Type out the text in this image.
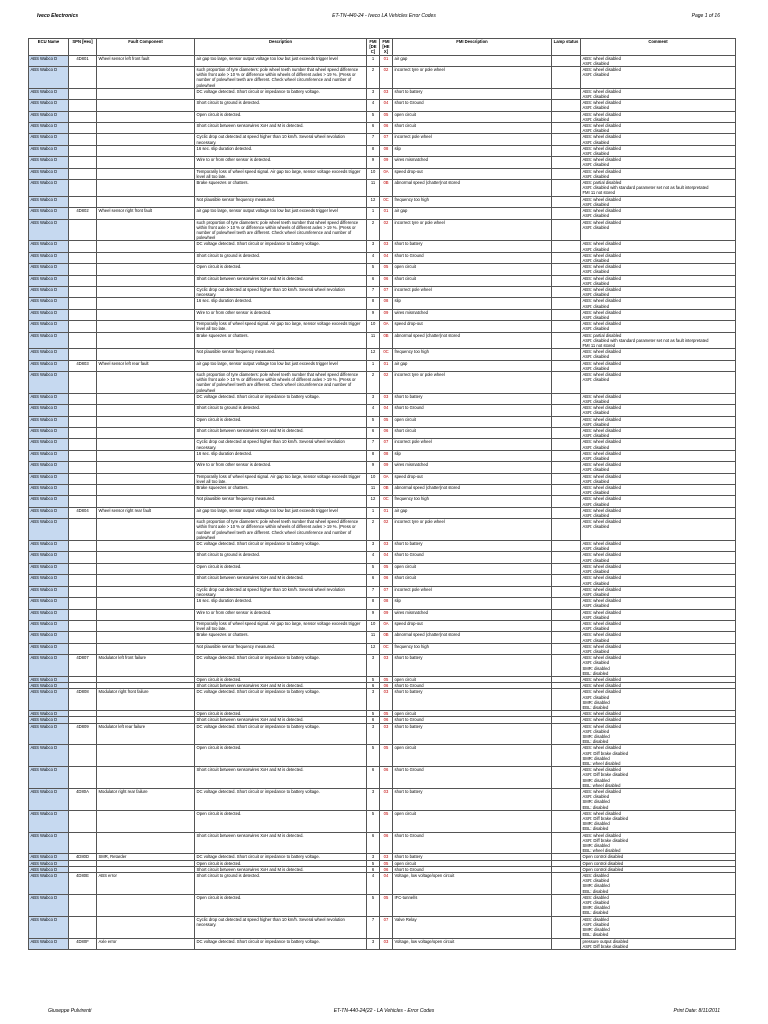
Iveco Electronics	ET-TN-440-24 - Iveco LA Vehicles Error Codes	Page 1 of 16
ECU Name	SPN [Hex]	Fault Component	Description	FMI [DEC]	FMI [HEX]	FMI Description	Lamp status	Comment
ABS Wabco D	4D801	Wheel sensor left front fault	air gap too large, sensor output voltage too low but just exceeds trigger level	1	01	air gap		ABS: wheel disabled
ASR: disabled
ABS Wabco D			such proportion of tyre diameters: pole wheel teeth number that wheel speed difference within front axle > 10 % or difference within wheels of different axles > 19 %. (Press or number of polewheel teeth are different. Check wheel circumference and number of polewheel	2	02	incorrect tyre or pole wheel		ABS: wheel disabled
ASR: disabled
ABS Wabco D			DC voltage detected. Short circuit or impedance to battery voltage.	3	03	short to battery		ABS: wheel disabled
ASR: disabled
ABS Wabco D			Short circuit to ground is detected.	4	04	short to Ground		ABS: wheel disabled
ASR: disabled
ABS Wabco D			Open circuit is detected.	5	05	open circuit		ABS: wheel disabled
ASR: disabled
ABS Wabco D			Short circuit between sensorwires XxH and M is detected.	6	06	short circuit		ABS: wheel disabled
ASR: disabled
ABS Wabco D			Cyclic drop out detected at speed higher than 10 km/h. Several wheel revolution necessary.	7	07	incorrect pole wheel		ABS: wheel disabled
ASR: disabled
ABS Wabco D			16 sec. slip duration detected.	8	08	slip		ABS: wheel disabled
ASR: disabled
ABS Wabco D			Wire to or from other sensor is detected.	9	09	wires mismatched		ABS: wheel disabled
ASR: disabled
ABS Wabco D			Temporarily loss of wheel speed signal. Air gap too large, sensor voltage exceeds trigger level all too late.	10	0A	speed drop-out		ABS: wheel disabled
ASR: disabled
ABS Wabco D			Brake squeezes or chatters.	11	0B	abnormal speed (chatter)not stored		ABS: partial disabled
ASR: disabled with standard parameter set not as fault interpretated
FMI 11 not stored
ABS Wabco D			Not plausible sensor frequency measured.	12	0C	frequency too high		ABS: wheel disabled
ASR: disabled
ABS Wabco D	4D802	Wheel sensor right front fault	air gap too large, sensor output voltage too low but just exceeds trigger level	1	01	air gap		ABS: wheel disabled
ASR: disabled
ABS Wabco D			such proportion of tyre diameters: pole wheel teeth number that wheel speed difference within front axle > 10 % or difference within wheels of different axles > 19 %. (Press or number of polewheel teeth are different. Check wheel circumference and number of polewheel	2	02	incorrect tyre or pole wheel		ABS: wheel disabled
ASR: disabled
ABS Wabco D			DC voltage detected. Short circuit or impedance to battery voltage.	3	03	short to battery		ABS: wheel disabled
ASR: disabled
ABS Wabco D			Short circuit to ground is detected.	4	04	short to Ground		ABS: wheel disabled
ASR: disabled
ABS Wabco D			Open circuit is detected.	5	05	open circuit		ABS: wheel disabled
ASR: disabled
ABS Wabco D			Short circuit between sensorwires XxH and M is detected.	6	06	short circuit		ABS: wheel disabled
ASR: disabled
ABS Wabco D			Cyclic drop out detected at speed higher than 10 km/h. Several wheel revolution necessary.	7	07	incorrect pole wheel		ABS: wheel disabled
ASR: disabled
ABS Wabco D			16 sec. slip duration detected.	8	08	slip		ABS: wheel disabled
ASR: disabled
ABS Wabco D			Wire to or from other sensor is detected.	9	09	wires mismatched		ABS: wheel disabled
ASR: disabled
ABS Wabco D			Temporarily loss of wheel speed signal. Air gap too large, sensor voltage exceeds trigger level all too late.	10	0A	speed drop-out		ABS: wheel disabled
ASR: disabled
ABS Wabco D			Brake squeezes or chatters.	11	0B	abnormal speed (chatter)not stored		ABS: partial disabled
ASR: disabled with standard parameter set not as fault interpretated
FMI 11 not stored
ABS Wabco D			Not plausible sensor frequency measured.	12	0C	frequency too high		ABS: wheel disabled
ASR: disabled
ABS Wabco D	4D803	Wheel sensor left rear fault	air gap too large, sensor output voltage too low but just exceeds trigger level	1	01	air gap		ABS: wheel disabled
ASR: disabled
ABS Wabco D			such proportion of tyre diameters: pole wheel teeth number that wheel speed difference within front axle > 10 % or difference within wheels of different axles > 19 %. (Press or number of polewheel teeth are different. Check wheel circumference and number of polewheel	2	02	incorrect tyre or pole wheel		ABS: wheel disabled
ASR: disabled
ABS Wabco D			DC voltage detected. Short circuit or impedance to battery voltage.	3	03	short to battery		ABS: wheel disabled
ASR: disabled
ABS Wabco D			Short circuit to ground is detected.	4	04	short to Ground		ABS: wheel disabled
ASR: disabled
ABS Wabco D			Open circuit is detected.	5	05	open circuit		ABS: wheel disabled
ASR: disabled
ABS Wabco D			Short circuit between sensorwires XxH and M is detected.	6	06	short circuit		ABS: wheel disabled
ASR: disabled
ABS Wabco D			Cyclic drop out detected at speed higher than 10 km/h. Several wheel revolution necessary.	7	07	incorrect pole wheel		ABS: wheel disabled
ASR: disabled
ABS Wabco D			16 sec. slip duration detected.	8	08	slip		ABS: wheel disabled
ASR: disabled
ABS Wabco D			Wire to or from other sensor is detected.	9	09	wires mismatched		ABS: wheel disabled
ASR: disabled
ABS Wabco D			Temporarily loss of wheel speed signal. Air gap too large, sensor voltage exceeds trigger level all too late.	10	0A	speed drop-out		ABS: wheel disabled
ASR: disabled
ABS Wabco D			Brake squeezes or chatters.	11	0B	abnormal speed (chatter)not stored		ABS: wheel disabled
ASR: disabled
ABS Wabco D			Not plausible sensor frequency measured.	12	0C	frequency too high		ABS: wheel disabled
ASR: disabled
ABS Wabco D	4D804	Wheel sensor right rear fault	air gap too large, sensor output voltage too low but just exceeds trigger level	1	01	air gap		ABS: wheel disabled
ASR: disabled
ABS Wabco D			such proportion of tyre diameters: pole wheel teeth number that wheel speed difference within front axle > 10 % or difference within wheels of different axles > 19 %. (Press or number of polewheel teeth are different. Check wheel circumference and number of polewheel	2	02	incorrect tyre or pole wheel		ABS: wheel disabled
ASR: disabled
ABS Wabco D			DC voltage detected. Short circuit or impedance to battery voltage.	3	03	short to battery		ABS: wheel disabled
ASR: disabled
ABS Wabco D			Short circuit to ground is detected.	4	04	short to Ground		ABS: wheel disabled
ASR: disabled
ABS Wabco D			Open circuit is detected.	5	05	open circuit		ABS: wheel disabled
ASR: disabled
ABS Wabco D			Short circuit between sensorwires XxH and M is detected.	6	06	short circuit		ABS: wheel disabled
ASR: disabled
ABS Wabco D			Cyclic drop out detected at speed higher than 10 km/h. Several wheel revolution necessary.	7	07	incorrect pole wheel		ABS: wheel disabled
ASR: disabled
ABS Wabco D			16 sec. slip duration detected.	8	08	slip		ABS: wheel disabled
ASR: disabled
ABS Wabco D			Wire to or from other sensor is detected.	9	09	wires mismatched		ABS: wheel disabled
ASR: disabled
ABS Wabco D			Temporarily loss of wheel speed signal. Air gap too large, sensor voltage exceeds trigger level all too late.	10	0A	speed drop-out		ABS: wheel disabled
ASR: disabled
ABS Wabco D			Brake squeezes or chatters.	11	0B	abnormal speed (chatter)not stored		ABS: wheel disabled
ASR: disabled
ABS Wabco D			Not plausible sensor frequency measured.	12	0C	frequency too high		ABS: wheel disabled
ASR: disabled
ABS Wabco D	4D807	Modulator left front failure	DC voltage detected. Short circuit or impedance to battery voltage.	3	03	short to battery		ABS: wheel disabled
ASR: disabled
SMR: disabled
EBL: disabled
ABS Wabco D			Open circuit is detected.	5	05	open circuit		ABS: wheel disabled
ABS Wabco D			Short circuit between sensorwires XxH and M is detected.	6	06	short to Ground		ABS: wheel disabled
ABS Wabco D	4D808	Modulator right front failure	DC voltage detected. Short circuit or impedance to battery voltage.	3	03	short to battery		ABS: wheel disabled
ASR: disabled
SMR: disabled
EBL: disabled
ABS Wabco D			Open circuit is detected.	5	05	open circuit		ABS: wheel disabled
ABS Wabco D			Short circuit between sensorwires XxH and M is detected.	6	06	short to Ground		ABS: wheel disabled
ABS Wabco D	4D809	Modulator left rear failure	DC voltage detected. Short circuit or impedance to battery voltage.	3	03	short to battery		ABS: wheel disabled
ASR: disabled
SMR: disabled
EBL: disabled
ABS Wabco D			Open circuit is detected.	5	05	open circuit		ABS: wheel disabled
ASR: Diff brake disabled
SMR: disabled
EBL: wheel disabled
ABS Wabco D			Short circuit between sensorwires XxH and M is detected.	6	06	short to Ground		ABS: wheel disabled
ASR: Diff brake disabled
SMR: disabled
EBL: wheel disabled
ABS Wabco D	4D80A	Modulator right rear failure	DC voltage detected. Short circuit or impedance to battery voltage.	3	03	short to battery		ABS: wheel disabled
ASR: disabled
SMR: disabled
EBL: disabled
ABS Wabco D			Open circuit is detected.	5	05	open circuit		ABS: wheel disabled
ASR: Diff brake disabled
SMR: disabled
EBL: disabled
ABS Wabco D			Short circuit between sensorwires XxH and M is detected.	6	06	short to Ground		ABS: wheel disabled
ASR: Diff brake disabled
SMR: disabled
EBL: wheel disabled
ABS Wabco D	4D80D	SMR, Retarder	DC voltage detected. Short circuit or impedance to battery voltage.	3	03	short to battery		Open control disabled
ABS Wabco D			Open circuit is detected.	5	05	open circuit		Open control disabled
ABS Wabco D			Short circuit between sensorwires XxH and M is detected.	6	06	short to Ground		Open control disabled
ABS Wabco D	4D80E	ABS error	Short circuit to ground is detected.	4	04	Voltage, low voltage/open circuit		ABS: disabled
ASR: disabled
SMR: disabled
EBL: disabled
ABS Wabco D			Open circuit is detected.	5	05	IFC-tunnel/s		ABS: disabled
ASR: disabled
SMR: disabled
EBL: disabled
ABS Wabco D			Cyclic drop out detected at speed higher than 10 km/h. Several wheel revolution necessary.	7	07	Valve Relay		ABS: disabled
ASR: disabled
SMR: disabled
EBL: disabled
ABS Wabco D	4D80F	Axle error	DC voltage detected. Short circuit or impedance to battery voltage.	3	03	Voltage, low voltage/open circuit		pressure output disabled
ASR: Diff brake disabled
Giuseppe Pulvirenti	ET-TN-440-24(22 - LA Vehicles - Error Codes	Print Date: 8/11/2011
